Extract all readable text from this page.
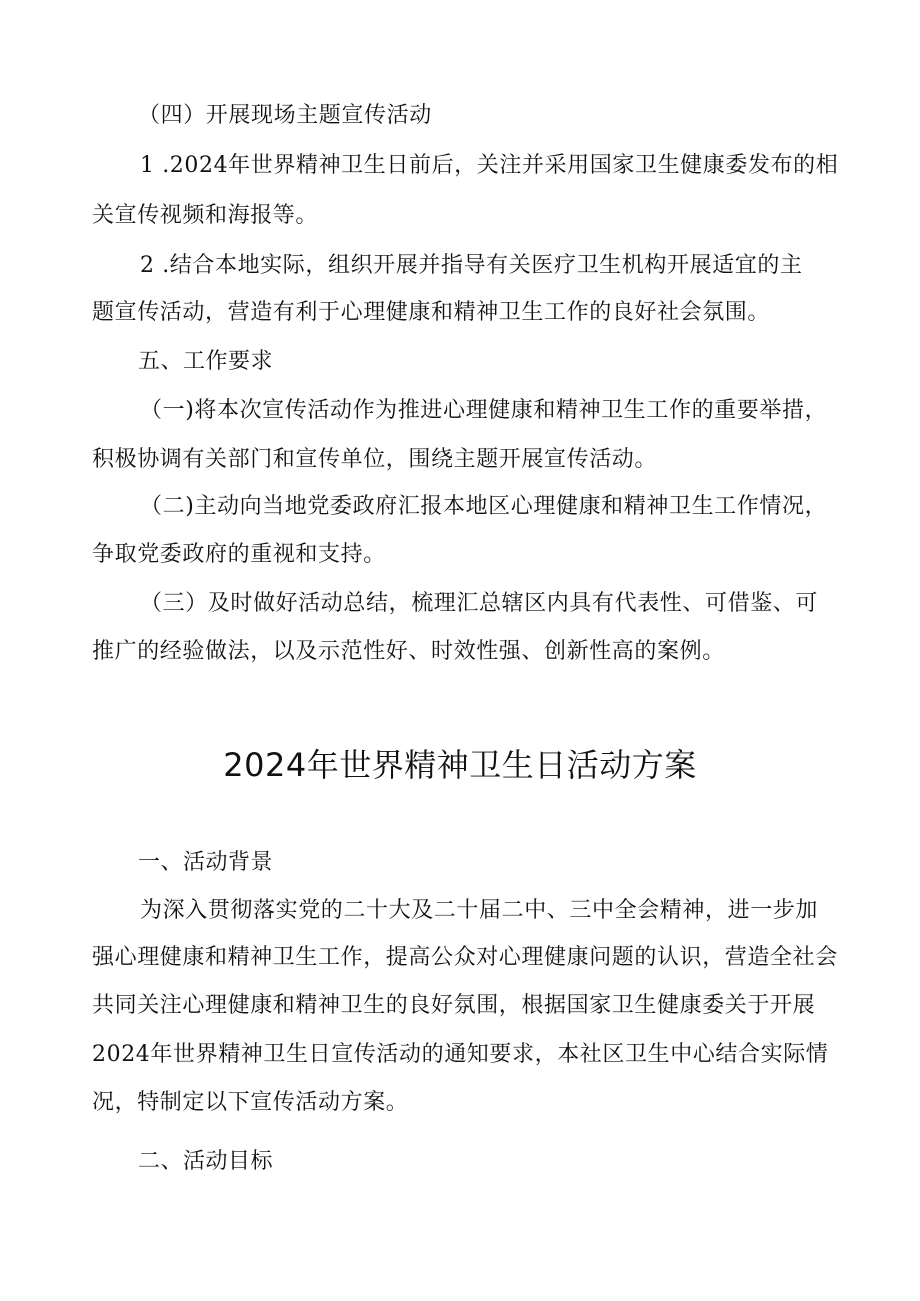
（四）开展现场主题宣传活动
1 .2024年世界精神卫生日前后，关注并采用国家卫生健康委发布的相
关宣传视频和海报等。
2 .结合本地实际，组织开展并指导有关医疗卫生机构开展适宜的主
题宣传活动，营造有利于心理健康和精神卫生工作的良好社会氛围。
五、工作要求
（一)将本次宣传活动作为推进心理健康和精神卫生工作的重要举措，
积极协调有关部门和宣传单位，围绕主题开展宣传活动。
（二)主动向当地党委政府汇报本地区心理健康和精神卫生工作情况，
争取党委政府的重视和支持。
（三）及时做好活动总结，梳理汇总辖区内具有代表性、可借鉴、可
推广的经验做法，以及示范性好、时效性强、创新性高的案例。
2024年世界精神卫生日活动方案
一、活动背景
为深入贯彻落实党的二十大及二十届二中、三中全会精神，进一步加
强心理健康和精神卫生工作，提高公众对心理健康问题的认识，营造全社会
共同关注心理健康和精神卫生的良好氛围，根据国家卫生健康委关于开展
2024年世界精神卫生日宣传活动的通知要求，本社区卫生中心结合实际情
况，特制定以下宣传活动方案。
二、活动目标
